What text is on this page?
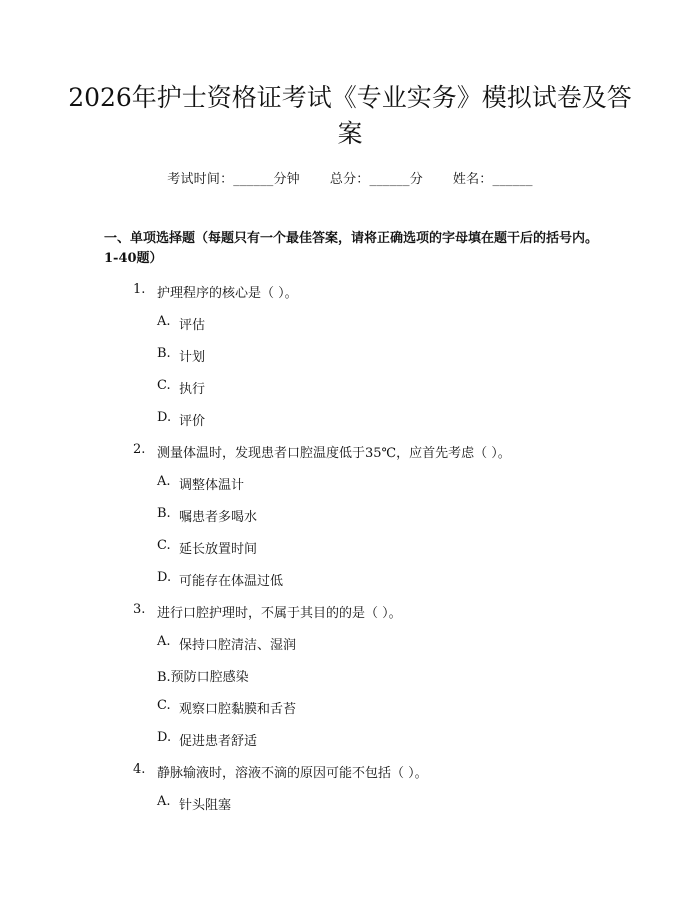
2026年护士资格证考试《专业实务》模拟试卷及答案
考试时间：______分钟 总分：______分 姓名：______
一、单项选择题（每题只有一个最佳答案，请将正确选项的字母填在题干后的括号内。1-40题）
1. 护理程序的核心是（ ）。
A. 评估
B. 计划
C. 执行
D. 评价
2. 测量体温时，发现患者口腔温度低于35℃，应首先考虑（ ）。
A. 调整体温计
B. 嘱患者多喝水
C. 延长放置时间
D. 可能存在体温过低
3. 进行口腔护理时，不属于其目的的是（ ）。
A. 保持口腔清洁、湿润
B.预防口腔感染
C. 观察口腔黏膜和舌苔
D. 促进患者舒适
4. 静脉输液时，溶液不滴的原因可能不包括（ ）。
A. 针头阻塞
